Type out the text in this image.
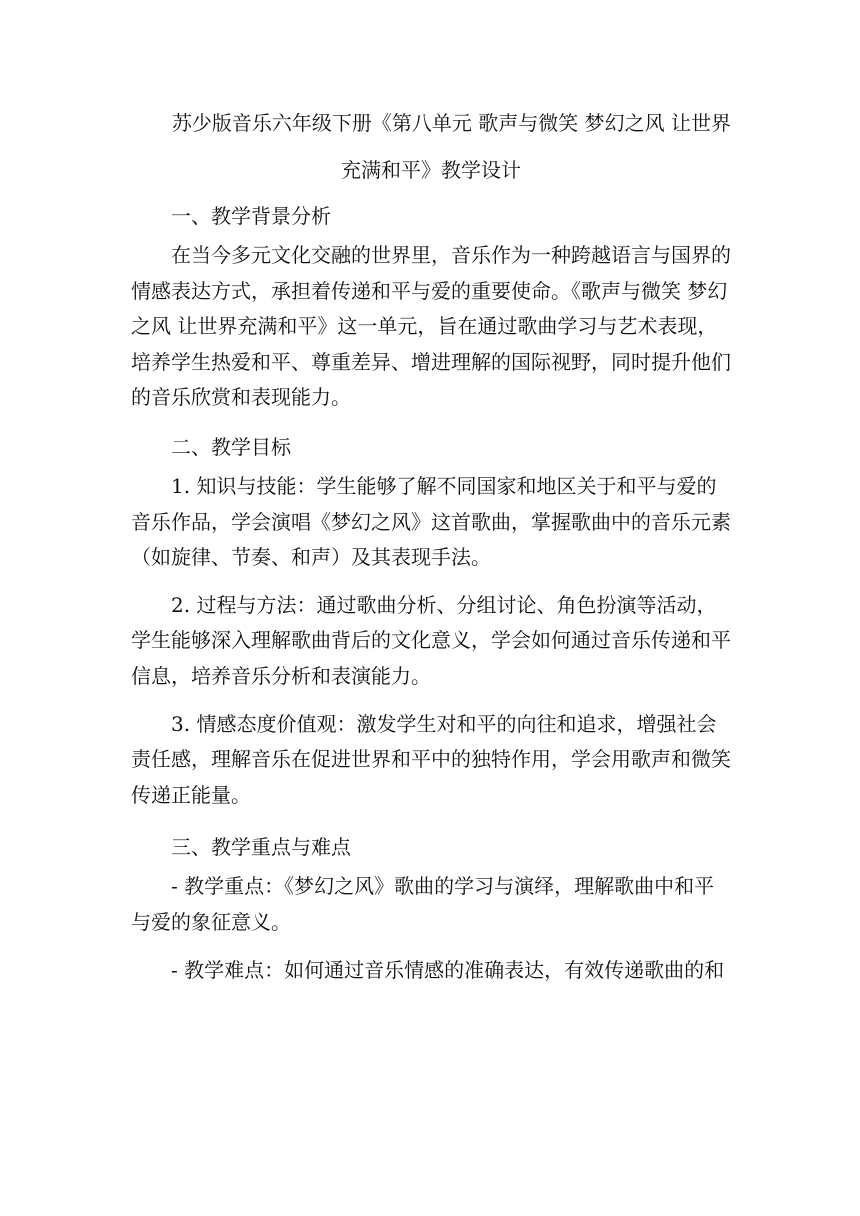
苏少版音乐六年级下册《第八单元 歌声与微笑 梦幻之风 让世界
充满和平》教学设计
一、教学背景分析
在当今多元文化交融的世界里，音乐作为一种跨越语言与国界的
情感表达方式，承担着传递和平与爱的重要使命。《歌声与微笑 梦幻
之风 让世界充满和平》这一单元，旨在通过歌曲学习与艺术表现，
培养学生热爱和平、尊重差异、增进理解的国际视野，同时提升他们
的音乐欣赏和表现能力。
二、教学目标
1. 知识与技能：学生能够了解不同国家和地区关于和平与爱的
音乐作品，学会演唱《梦幻之风》这首歌曲，掌握歌曲中的音乐元素
（如旋律、节奏、和声）及其表现手法。
2. 过程与方法：通过歌曲分析、分组讨论、角色扮演等活动，
学生能够深入理解歌曲背后的文化意义，学会如何通过音乐传递和平
信息，培养音乐分析和表演能力。
3. 情感态度价值观：激发学生对和平的向往和追求，增强社会
责任感，理解音乐在促进世界和平中的独特作用，学会用歌声和微笑
传递正能量。
三、教学重点与难点
- 教学重点：《梦幻之风》歌曲的学习与演绎，理解歌曲中和平
与爱的象征意义。
- 教学难点：如何通过音乐情感的准确表达，有效传递歌曲的和
